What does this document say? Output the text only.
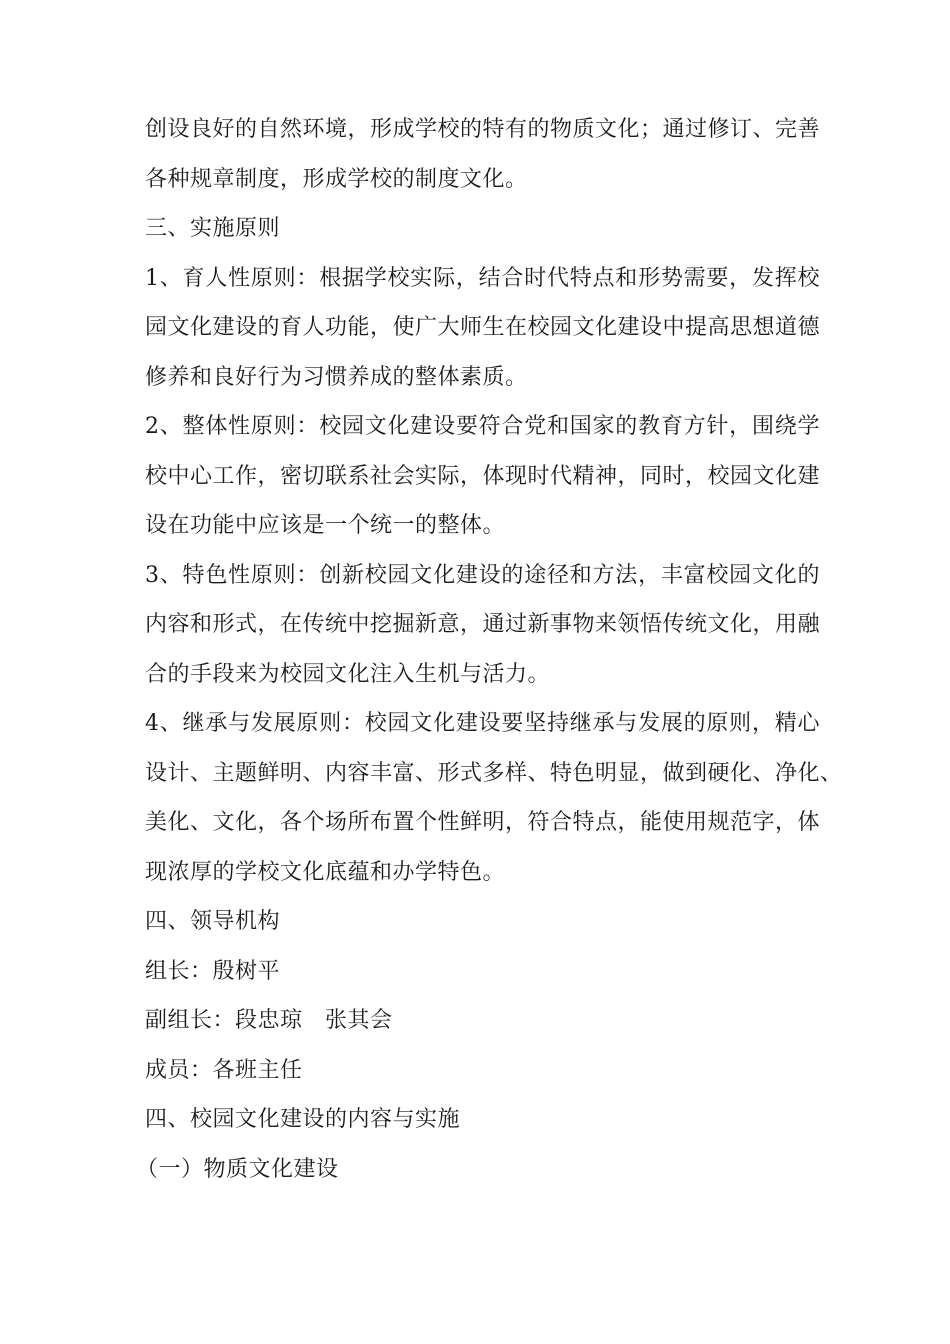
创设良好的自然环境，形成学校的特有的物质文化；通过修订、完善
各种规章制度，形成学校的制度文化。

三、实施原则

1、育人性原则：根据学校实际，结合时代特点和形势需要，发挥校
园文化建设的育人功能，使广大师生在校园文化建设中提高思想道德
修养和良好行为习惯养成的整体素质。

2、整体性原则：校园文化建设要符合党和国家的教育方针，围绕学
校中心工作，密切联系社会实际，体现时代精神，同时，校园文化建
设在功能中应该是一个统一的整体。

3、特色性原则：创新校园文化建设的途径和方法，丰富校园文化的
内容和形式，在传统中挖掘新意，通过新事物来领悟传统文化，用融
合的手段来为校园文化注入生机与活力。

4、继承与发展原则：校园文化建设要坚持继承与发展的原则，精心
设计、主题鲜明、内容丰富、形式多样、特色明显，做到硬化、净化、
美化、文化，各个场所布置个性鲜明，符合特点，能使用规范字，体
现浓厚的学校文化底蕴和办学特色。

四、领导机构

组长：殷树平

副组长：段忠琼　张其会

成员：各班主任

四、校园文化建设的内容与实施

（一）物质文化建设
